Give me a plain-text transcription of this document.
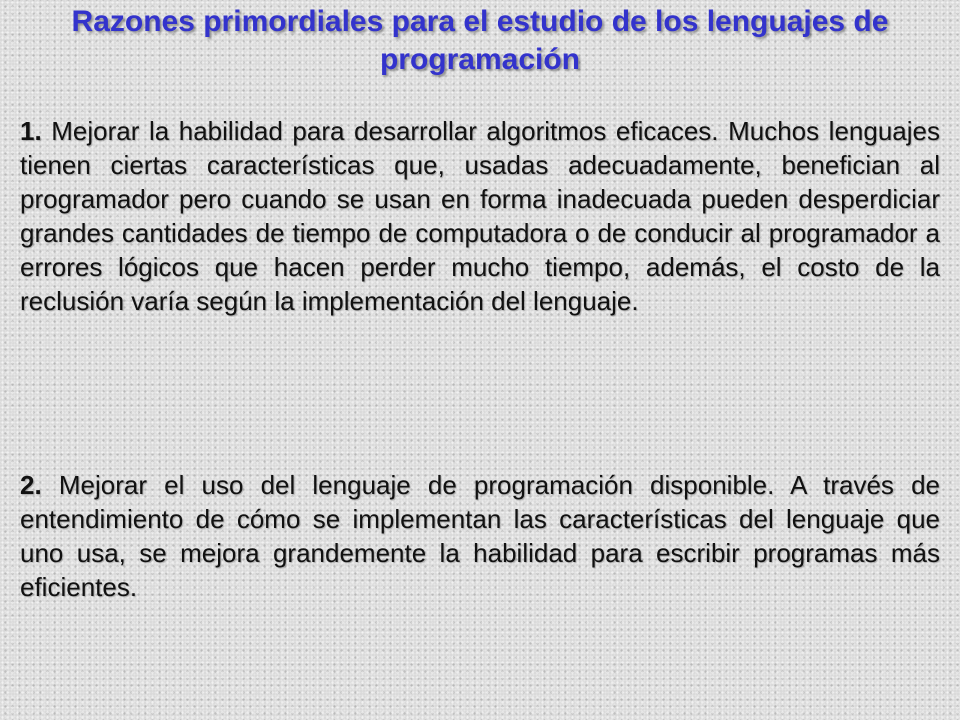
Razones primordiales para el estudio de los lenguajes de programación

1. Mejorar la habilidad para desarrollar algoritmos eficaces. Muchos lenguajes tienen ciertas características que, usadas adecuadamente, benefician al programador pero cuando se usan en forma inadecuada pueden desperdiciar grandes cantidades de tiempo de computadora o de conducir al programador a errores lógicos que hacen perder mucho tiempo, además, el costo de la reclusión varía según la implementación del lenguaje.

2. Mejorar el uso del lenguaje de programación disponible. A través de entendimiento de cómo se implementan las características del lenguaje que uno usa, se mejora grandemente la habilidad para escribir programas más eficientes.
